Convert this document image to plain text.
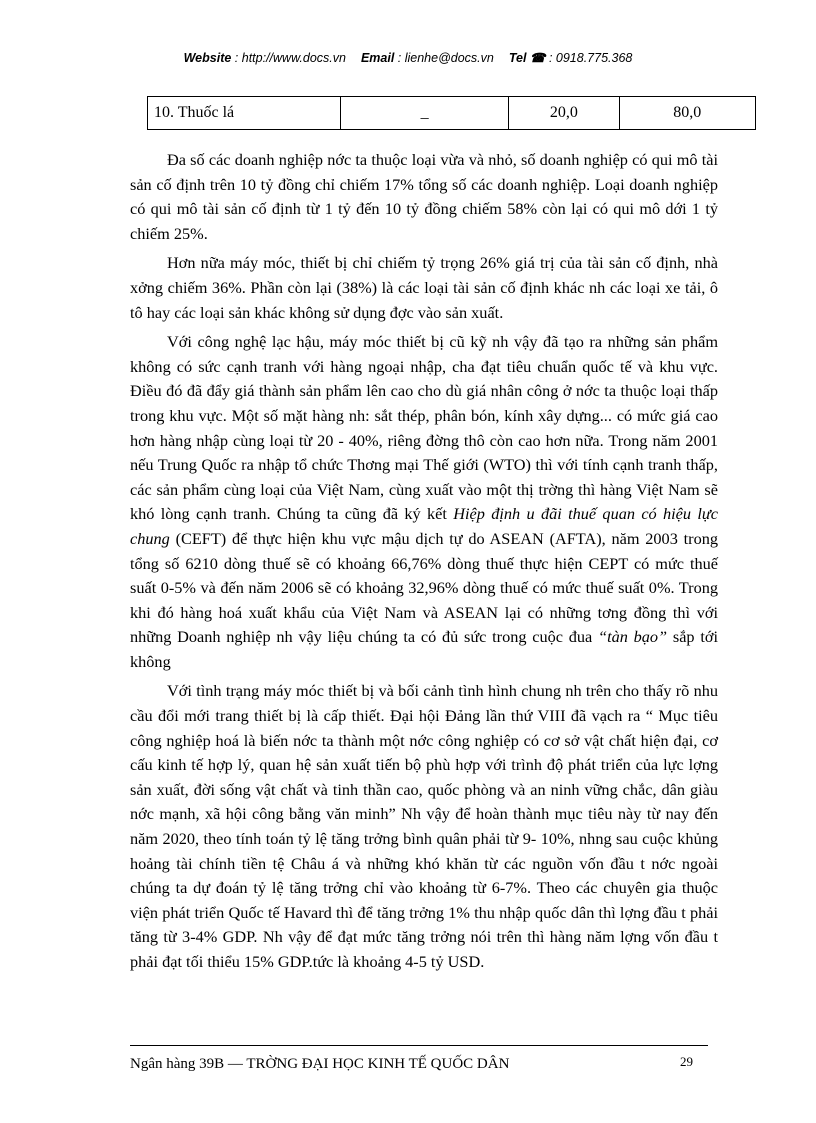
Website : http://www.docs.vn Email : lienhe@docs.vn Tel ☎ : 0918.775.368
10. Thuốc lá	_	20,0	80,0

Đa số các doanh nghiệp nớc ta thuộc loại vừa và nhỏ, số doanh nghiệp có qui mô tài sản cố định trên 10 tỷ đồng chỉ chiếm 17% tổng số các doanh nghiệp. Loại doanh nghiệp có qui mô tài sản cố định từ 1 tỷ đến 10 tỷ đồng chiếm 58% còn lại có qui mô dới 1 tỷ chiếm 25%.

Hơn nữa máy móc, thiết bị chỉ chiếm tỷ trọng 26% giá trị của tài sản cố định, nhà xởng chiếm 36%. Phần còn lại (38%) là các loại tài sản cố định khác nh các loại xe tải, ô tô hay các loại sản khác không sử dụng đợc vào sản xuất.

Với công nghệ lạc hậu, máy móc thiết bị cũ kỹ nh vậy đã tạo ra những sản phẩm không có sức cạnh tranh với hàng ngoại nhập, cha đạt tiêu chuẩn quốc tế và khu vực. Điều đó đã đẩy giá thành sản phẩm lên cao cho dù giá nhân công ở nớc ta thuộc loại thấp trong khu vực. Một số mặt hàng nh: sắt thép, phân bón, kính xây dựng... có mức giá cao hơn hàng nhập cùng loại từ 20 - 40%, riêng đờng thô còn cao hơn nữa. Trong năm 2001 nếu Trung Quốc ra nhập tổ chức Thơng mại Thế giới (WTO) thì với tính cạnh tranh thấp, các sản phẩm cùng loại của Việt Nam, cùng xuất vào một thị trờng thì hàng Việt Nam sẽ khó lòng cạnh tranh. Chúng ta cũng đã ký kết Hiệp định u đãi thuế quan có hiệu lực chung (CEFT) để thực hiện khu vực mậu dịch tự do ASEAN (AFTA), năm 2003 trong tổng số 6210 dòng thuế sẽ có khoảng 66,76% dòng thuế thực hiện CEPT có mức thuế suất 0-5% và đến năm 2006 sẽ có khoảng 32,96% dòng thuế có mức thuế suất 0%. Trong khi đó hàng hoá xuất khẩu của Việt Nam và ASEAN lại có những tơng đồng thì với những Doanh nghiệp nh vậy liệu chúng ta có đủ sức trong cuộc đua “tàn bạo” sắp tới không

Với tình trạng máy móc thiết bị và bối cảnh tình hình chung nh trên cho thấy rõ nhu cầu đổi mới trang thiết bị là cấp thiết. Đại hội Đảng lần thứ VIII đã vạch ra “ Mục tiêu công nghiệp hoá là biến nớc ta thành một nớc công nghiệp có cơ sở vật chất hiện đại, cơ cấu kinh tế hợp lý, quan hệ sản xuất tiến bộ phù hợp với trình độ phát triển của lực lợng sản xuất, đời sống vật chất và tinh thần cao, quốc phòng và an ninh vững chắc, dân giàu nớc mạnh, xã hội công bằng văn minh” Nh vậy để hoàn thành mục tiêu này từ nay đến năm 2020, theo tính toán tỷ lệ tăng trởng bình quân phải từ 9- 10%, nhng sau cuộc khủng hoảng tài chính tiền tệ Châu á và những khó khăn từ các nguồn vốn đầu t nớc ngoài chúng ta dự đoán tỷ lệ tăng trởng chỉ vào khoảng từ 6-7%. Theo các chuyên gia thuộc viện phát triển Quốc tế Havard thì để tăng trởng 1% thu nhập quốc dân thì lợng đầu t phải tăng từ 3-4% GDP. Nh vậy để đạt mức tăng trởng nói trên thì hàng năm lợng vốn đầu t phải đạt tối thiểu 15% GDP.tức là khoảng 4-5 tỷ USD.

Ngân hàng 39B — TRỜNG ĐẠI HỌC KINH TẾ QUỐC DÂN	29
